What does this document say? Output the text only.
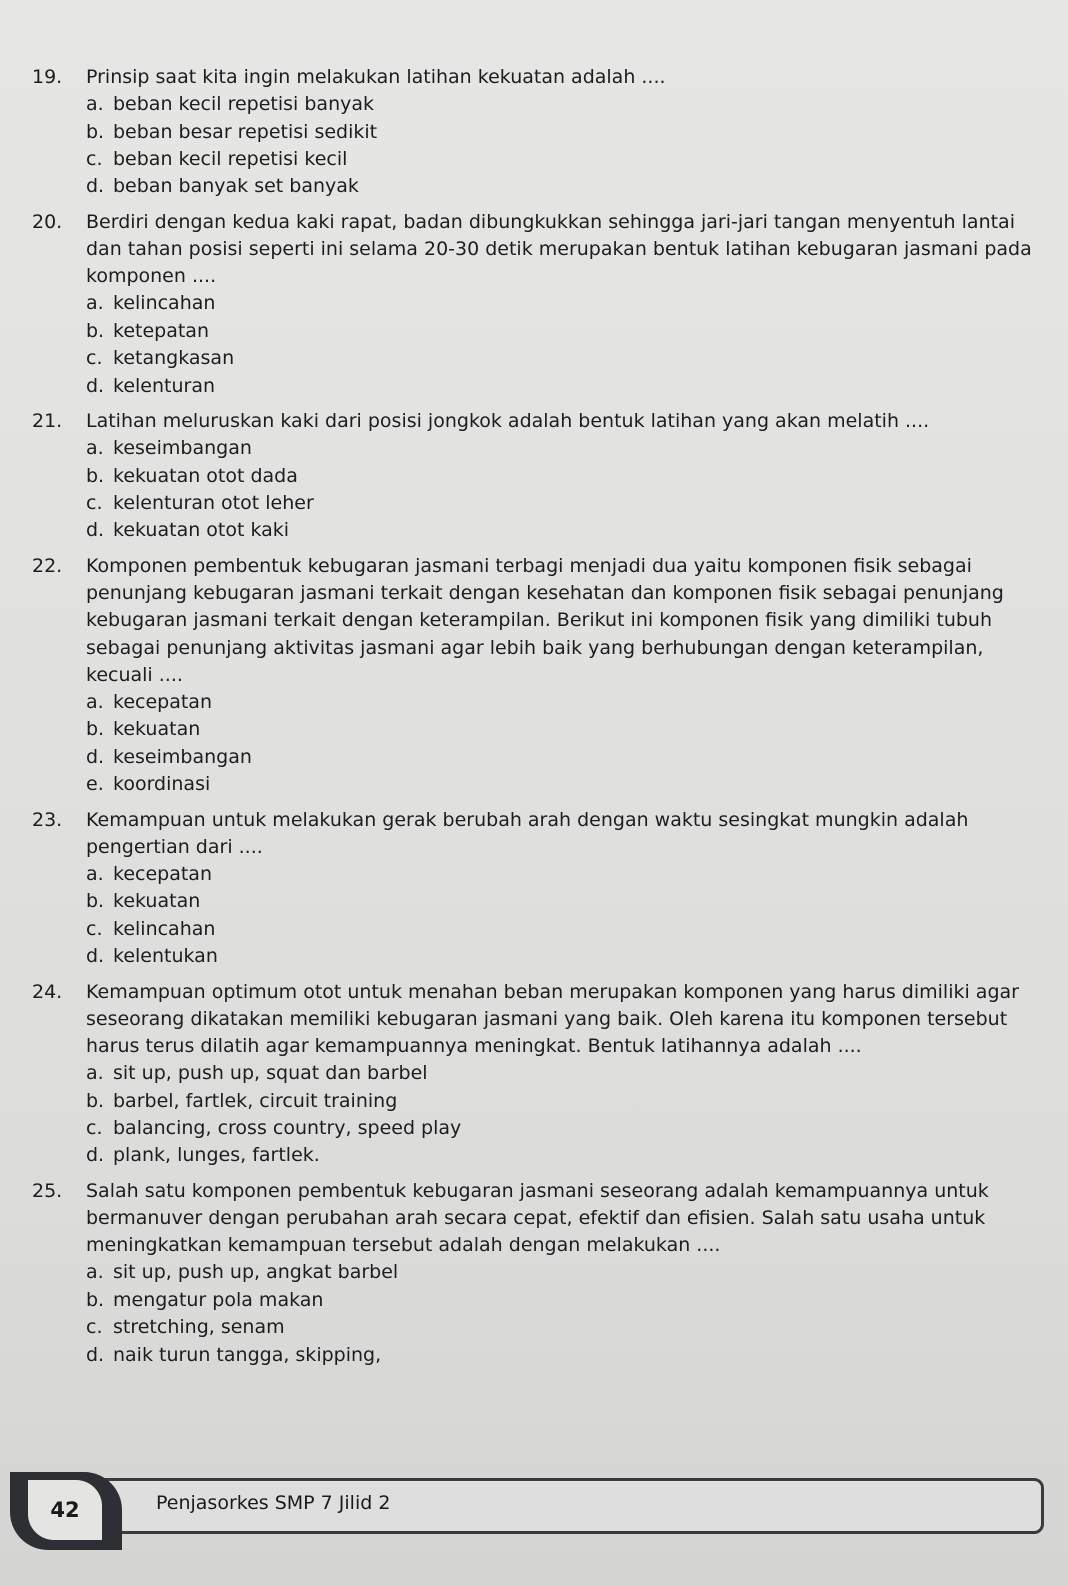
19.	Prinsip saat kita ingin melakukan latihan kekuatan adalah ....
a. beban kecil repetisi banyak
b. beban besar repetisi sedikit
c. beban kecil repetisi kecil
d. beban banyak set banyak
20.	Berdiri dengan kedua kaki rapat, badan dibungkukkan sehingga jari-jari tangan menyentuh lantai dan tahan posisi seperti ini selama 20-30 detik merupakan bentuk latihan kebugaran jasmani pada komponen ....
a. kelincahan
b. ketepatan
c. ketangkasan
d. kelenturan
21.	Latihan meluruskan kaki dari posisi jongkok adalah bentuk latihan yang akan melatih ....
a. keseimbangan
b. kekuatan otot dada
c. kelenturan otot leher
d. kekuatan otot kaki
22.	Komponen pembentuk kebugaran jasmani terbagi menjadi dua yaitu komponen fisik sebagai penunjang kebugaran jasmani terkait dengan kesehatan dan komponen fisik sebagai penunjang kebugaran jasmani terkait dengan keterampilan. Berikut ini komponen fisik yang dimiliki tubuh sebagai penunjang aktivitas jasmani agar lebih baik yang berhubungan dengan keterampilan, kecuali ....
a. kecepatan
b. kekuatan
d. keseimbangan
e. koordinasi
23.	Kemampuan untuk melakukan gerak berubah arah dengan waktu sesingkat mungkin adalah pengertian dari ....
a. kecepatan
b. kekuatan
c. kelincahan
d. kelentukan
24.	Kemampuan optimum otot untuk menahan beban merupakan komponen yang harus dimiliki agar seseorang dikatakan memiliki kebugaran jasmani yang baik. Oleh karena itu komponen tersebut harus terus dilatih agar kemampuannya meningkat. Bentuk latihannya adalah ....
a. sit up, push up, squat dan barbel
b. barbel, fartlek, circuit training
c. balancing, cross country, speed play
d. plank, lunges, fartlek.
25.	Salah satu komponen pembentuk kebugaran jasmani seseorang adalah kemampuannya untuk bermanuver dengan perubahan arah secara cepat, efektif dan efisien. Salah satu usaha untuk meningkatkan kemampuan tersebut adalah dengan melakukan ....
a. sit up, push up, angkat barbel
b. mengatur pola makan
c. stretching, senam
d. naik turun tangga, skipping,
42	Penjasorkes SMP 7 Jilid 2
